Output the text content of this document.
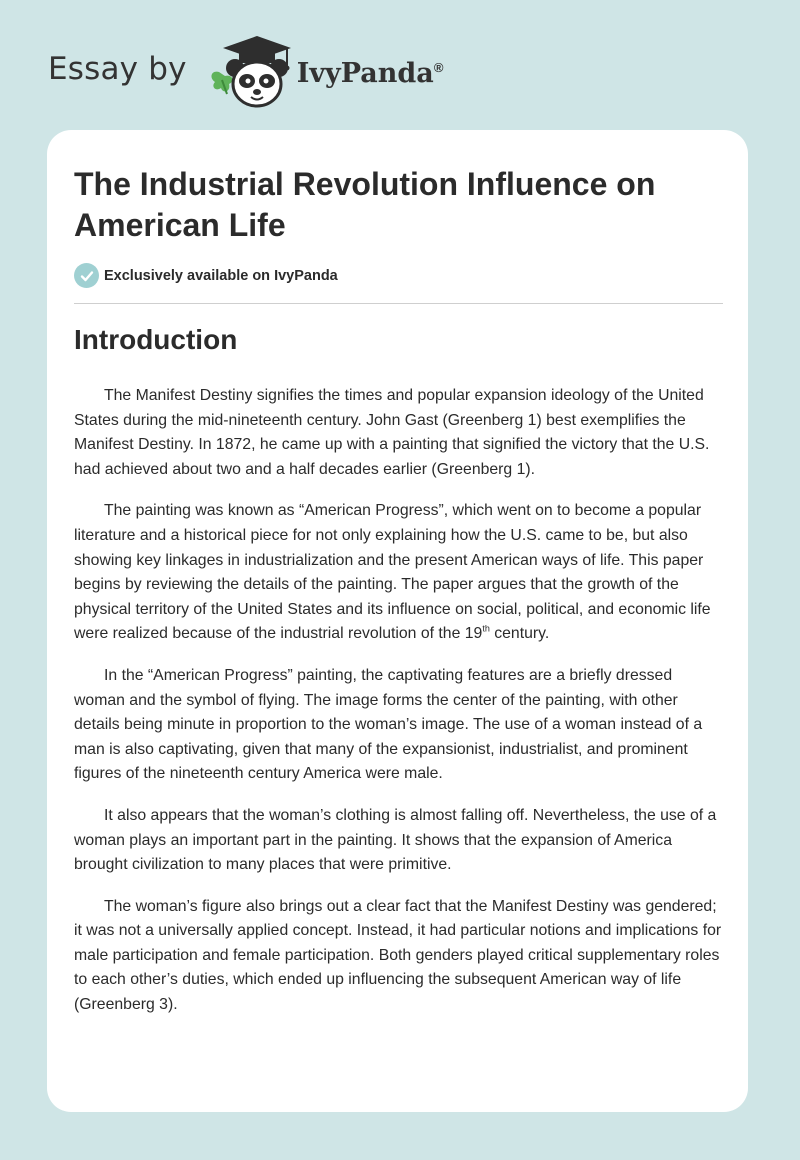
Essay by	IvyPanda®
The Industrial Revolution Influence on American Life
Exclusively available on IvyPanda
Introduction

The Manifest Destiny signifies the times and popular expansion ideology of the United States during the mid-nineteenth century. John Gast (Greenberg 1) best exemplifies the Manifest Destiny. In 1872, he came up with a painting that signified the victory that the U.S. had achieved about two and a half decades earlier (Greenberg 1).

The painting was known as “American Progress”, which went on to become a popular literature and a historical piece for not only explaining how the U.S. came to be, but also showing key linkages in industrialization and the present American ways of life. This paper begins by reviewing the details of the painting. The paper argues that the growth of the physical territory of the United States and its influence on social, political, and economic life were realized because of the industrial revolution of the 19th century.

In the “American Progress” painting, the captivating features are a briefly dressed woman and the symbol of flying. The image forms the center of the painting, with other details being minute in proportion to the woman’s image. The use of a woman instead of a man is also captivating, given that many of the expansionist, industrialist, and prominent figures of the nineteenth century America were male.

It also appears that the woman’s clothing is almost falling off. Nevertheless, the use of a woman plays an important part in the painting. It shows that the expansion of America brought civilization to many places that were primitive.

The woman’s figure also brings out a clear fact that the Manifest Destiny was gendered; it was not a universally applied concept. Instead, it had particular notions and implications for male participation and female participation. Both genders played critical supplementary roles to each other’s duties, which ended up influencing the subsequent American way of life (Greenberg 3).
